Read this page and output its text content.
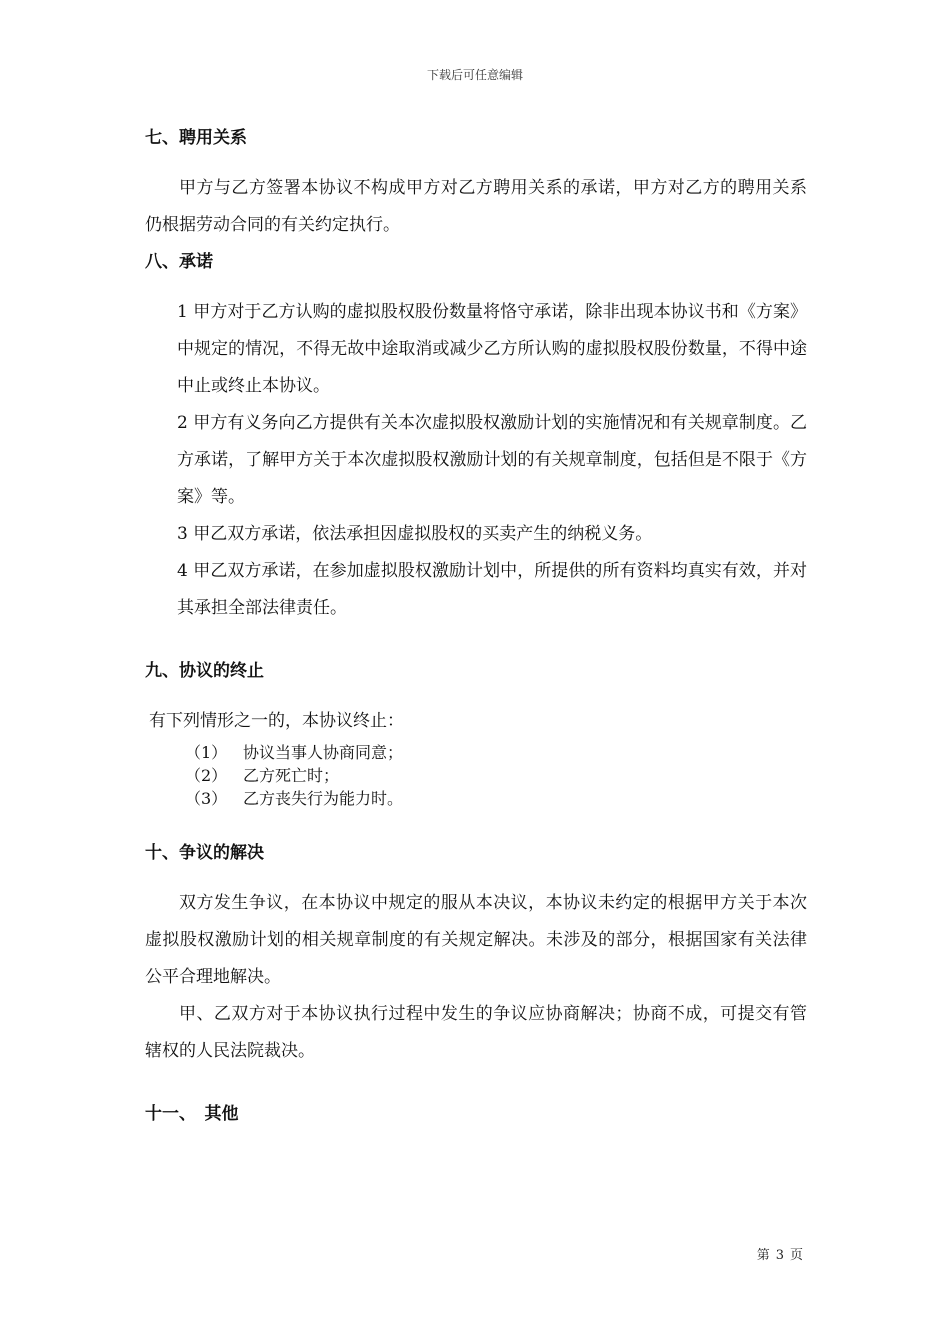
下载后可任意编辑
七、聘用关系

甲方与乙方签署本协议不构成甲方对乙方聘用关系的承诺，甲方对乙方的聘用关系仍根据劳动合同的有关约定执行。

八、承诺

1 甲方对于乙方认购的虚拟股权股份数量将恪守承诺，除非出现本协议书和《方案》中规定的情况，不得无故中途取消或减少乙方所认购的虚拟股权股份数量，不得中途中止或终止本协议。

2 甲方有义务向乙方提供有关本次虚拟股权激励计划的实施情况和有关规章制度。乙方承诺，了解甲方关于本次虚拟股权激励计划的有关规章制度，包括但是不限于《方案》等。

3 甲乙双方承诺，依法承担因虚拟股权的买卖产生的纳税义务。

4 甲乙双方承诺，在参加虚拟股权激励计划中，所提供的所有资料均真实有效，并对其承担全部法律责任。

九、协议的终止

有下列情形之一的，本协议终止：

（1） 协议当事人协商同意；
（2） 乙方死亡时；
（3） 乙方丧失行为能力时。
十、争议的解决

双方发生争议，在本协议中规定的服从本决议，本协议未约定的根据甲方关于本次虚拟股权激励计划的相关规章制度的有关规定解决。未涉及的部分，根据国家有关法律公平合理地解决。

甲、乙双方对于本协议执行过程中发生的争议应协商解决；协商不成，可提交有管辖权的人民法院裁决。

十一、　其他
第 3 页
